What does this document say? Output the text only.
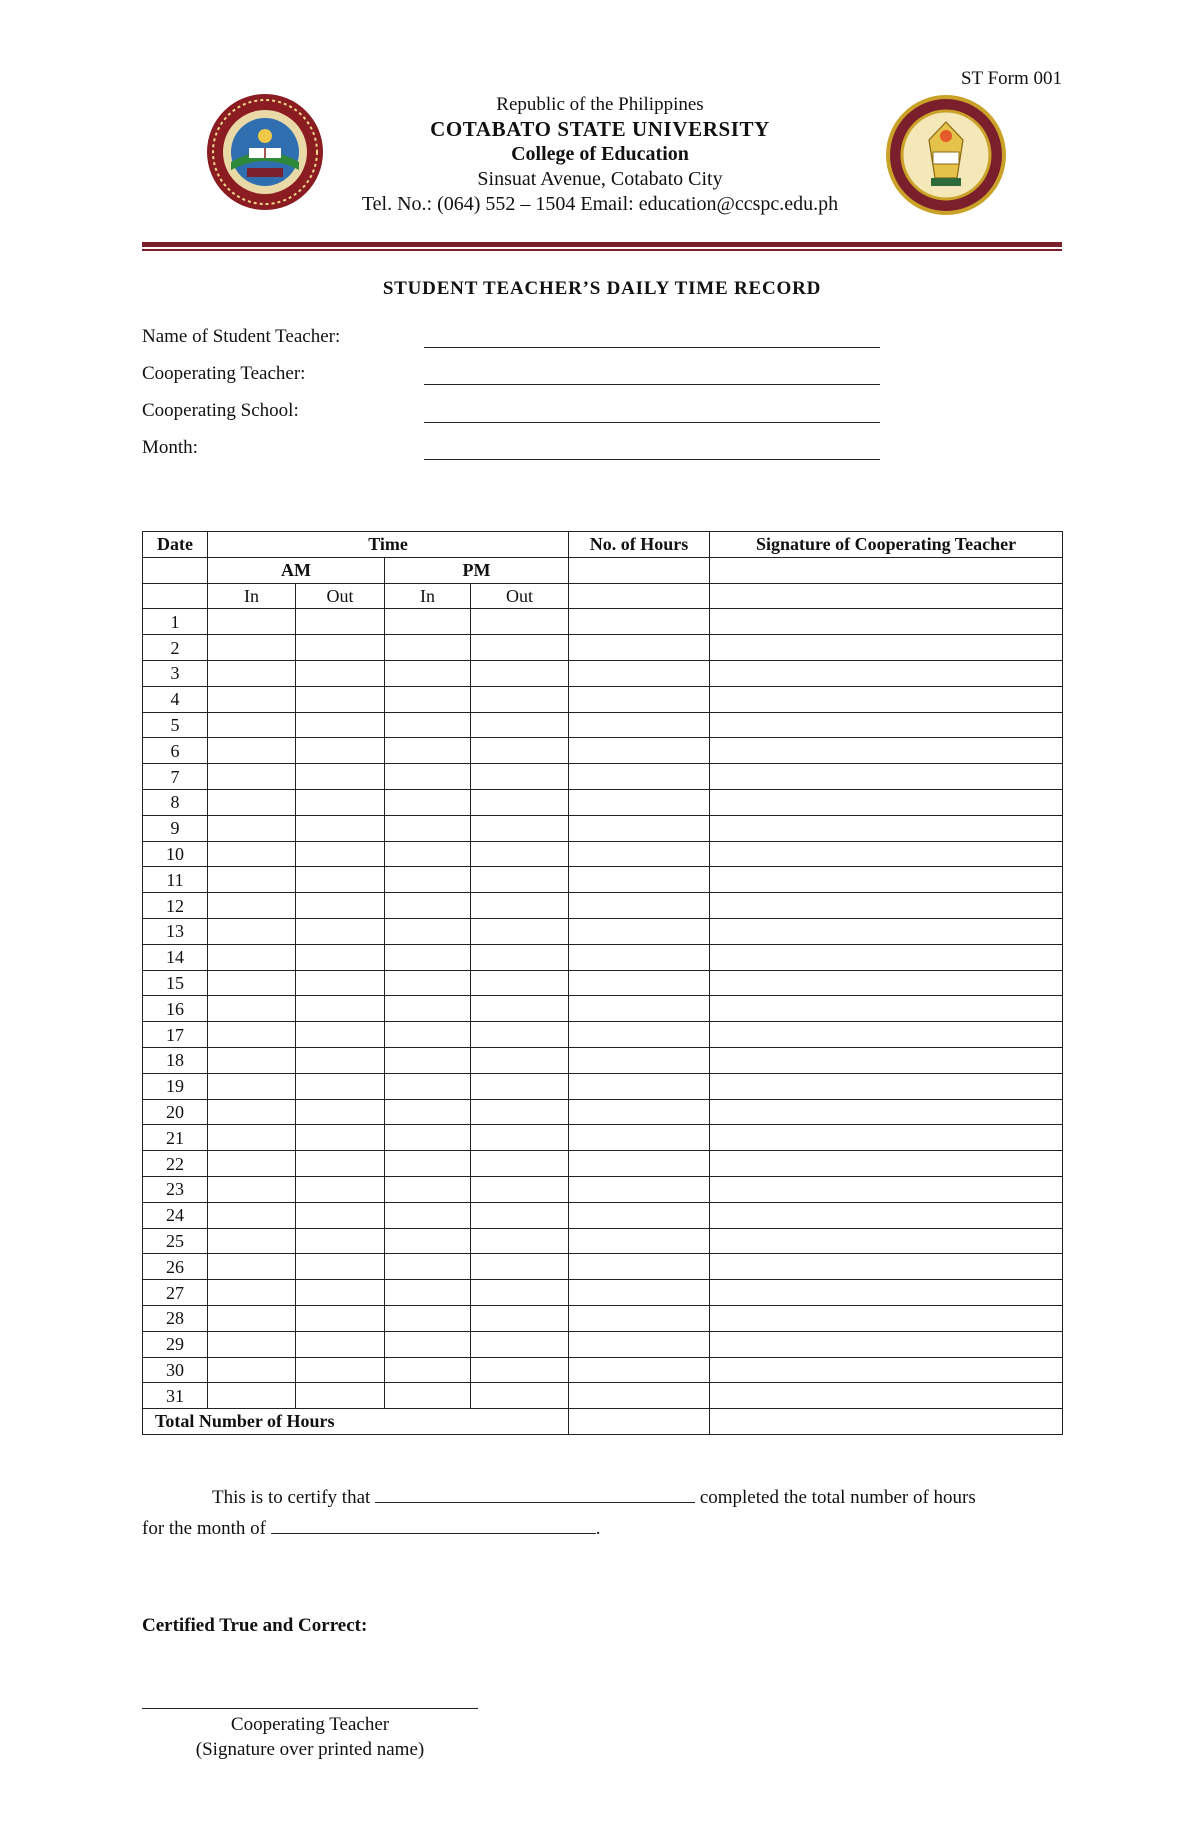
ST Form 001
Republic of the Philippines
COTABATO STATE UNIVERSITY
College of Education
Sinsuat Avenue, Cotabato City
Tel. No.: (064) 552 – 1504 Email: education@ccspc.edu.ph
STUDENT TEACHER’S DAILY TIME RECORD
Name of Student Teacher:
Cooperating Teacher:
Cooperating School:
Month:
Date	Time				No. of Hours	Signature of Cooperating Teacher
	AM		PM			
	In	Out	In	Out		
1						
2						
3						
4						
5						
6						
7						
8						
9						
10						
11						
12						
13						
14						
15						
16						
17						
18						
19						
20						
21						
22						
23						
24						
25						
26						
27						
28						
29						
30						
31						
Total Number of Hours						
This is to certify that	completed the total number of hours
for the month of	.
Certified True and Correct:
Cooperating Teacher
(Signature over printed name)
